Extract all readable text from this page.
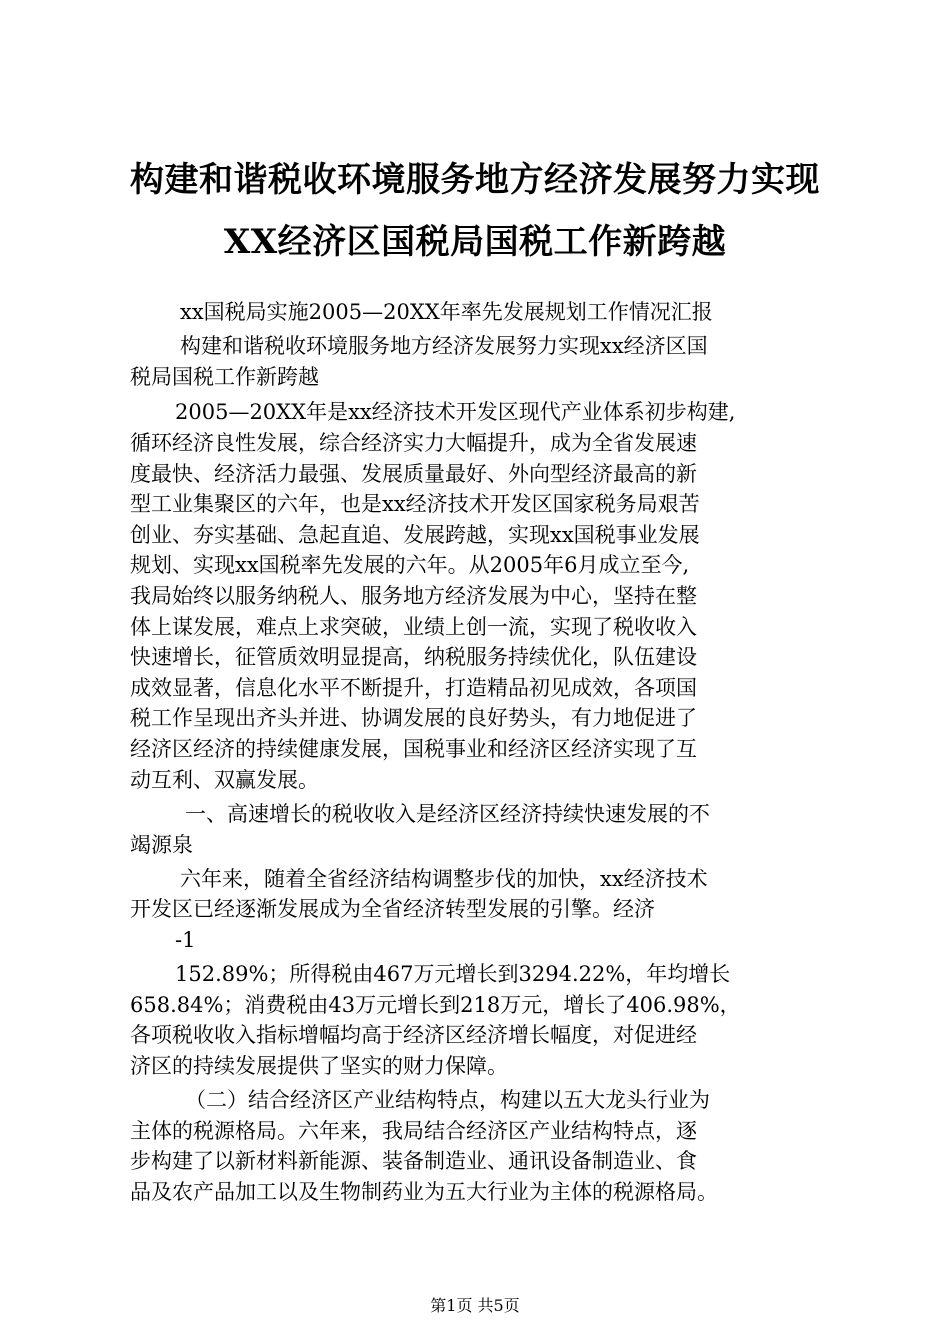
构建和谐税收环境服务地方经济发展努力实现
XX经济区国税局国税工作新跨越
xx国税局实施2005—20XX年率先发展规划工作情况汇报
构建和谐税收环境服务地方经济发展努力实现xx经济区国
税局国税工作新跨越
2005—20XX年是xx经济技术开发区现代产业体系初步构建,
循环经济良性发展，综合经济实力大幅提升，成为全省发展速
度最快、经济活力最强、发展质量最好、外向型经济最高的新
型工业集聚区的六年，也是xx经济技术开发区国家税务局艰苦
创业、夯实基础、急起直追、发展跨越，实现xx国税事业发展
规划、实现xx国税率先发展的六年。从2005年6月成立至今,
我局始终以服务纳税人、服务地方经济发展为中心，坚持在整
体上谋发展，难点上求突破，业绩上创一流，实现了税收收入
快速增长，征管质效明显提高，纳税服务持续优化，队伍建设
成效显著，信息化水平不断提升，打造精品初见成效，各项国
税工作呈现出齐头并进、协调发展的良好势头，有力地促进了
经济区经济的持续健康发展，国税事业和经济区经济实现了互
动互利、双赢发展。
一、高速增长的税收收入是经济区经济持续快速发展的不
竭源泉
六年来，随着全省经济结构调整步伐的加快，xx经济技术
开发区已经逐渐发展成为全省经济转型发展的引擎。经济
-1
152.89%；所得税由467万元增长到3294.22%，年均增长
658.84%；消费税由43万元增长到218万元，增长了406.98%，
各项税收收入指标增幅均高于经济区经济增长幅度，对促进经
济区的持续发展提供了坚实的财力保障。
（二）结合经济区产业结构特点，构建以五大龙头行业为
主体的税源格局。六年来，我局结合经济区产业结构特点，逐
步构建了以新材料新能源、装备制造业、通讯设备制造业、食
品及农产品加工以及生物制药业为五大行业为主体的税源格局。
第1页 共5页
